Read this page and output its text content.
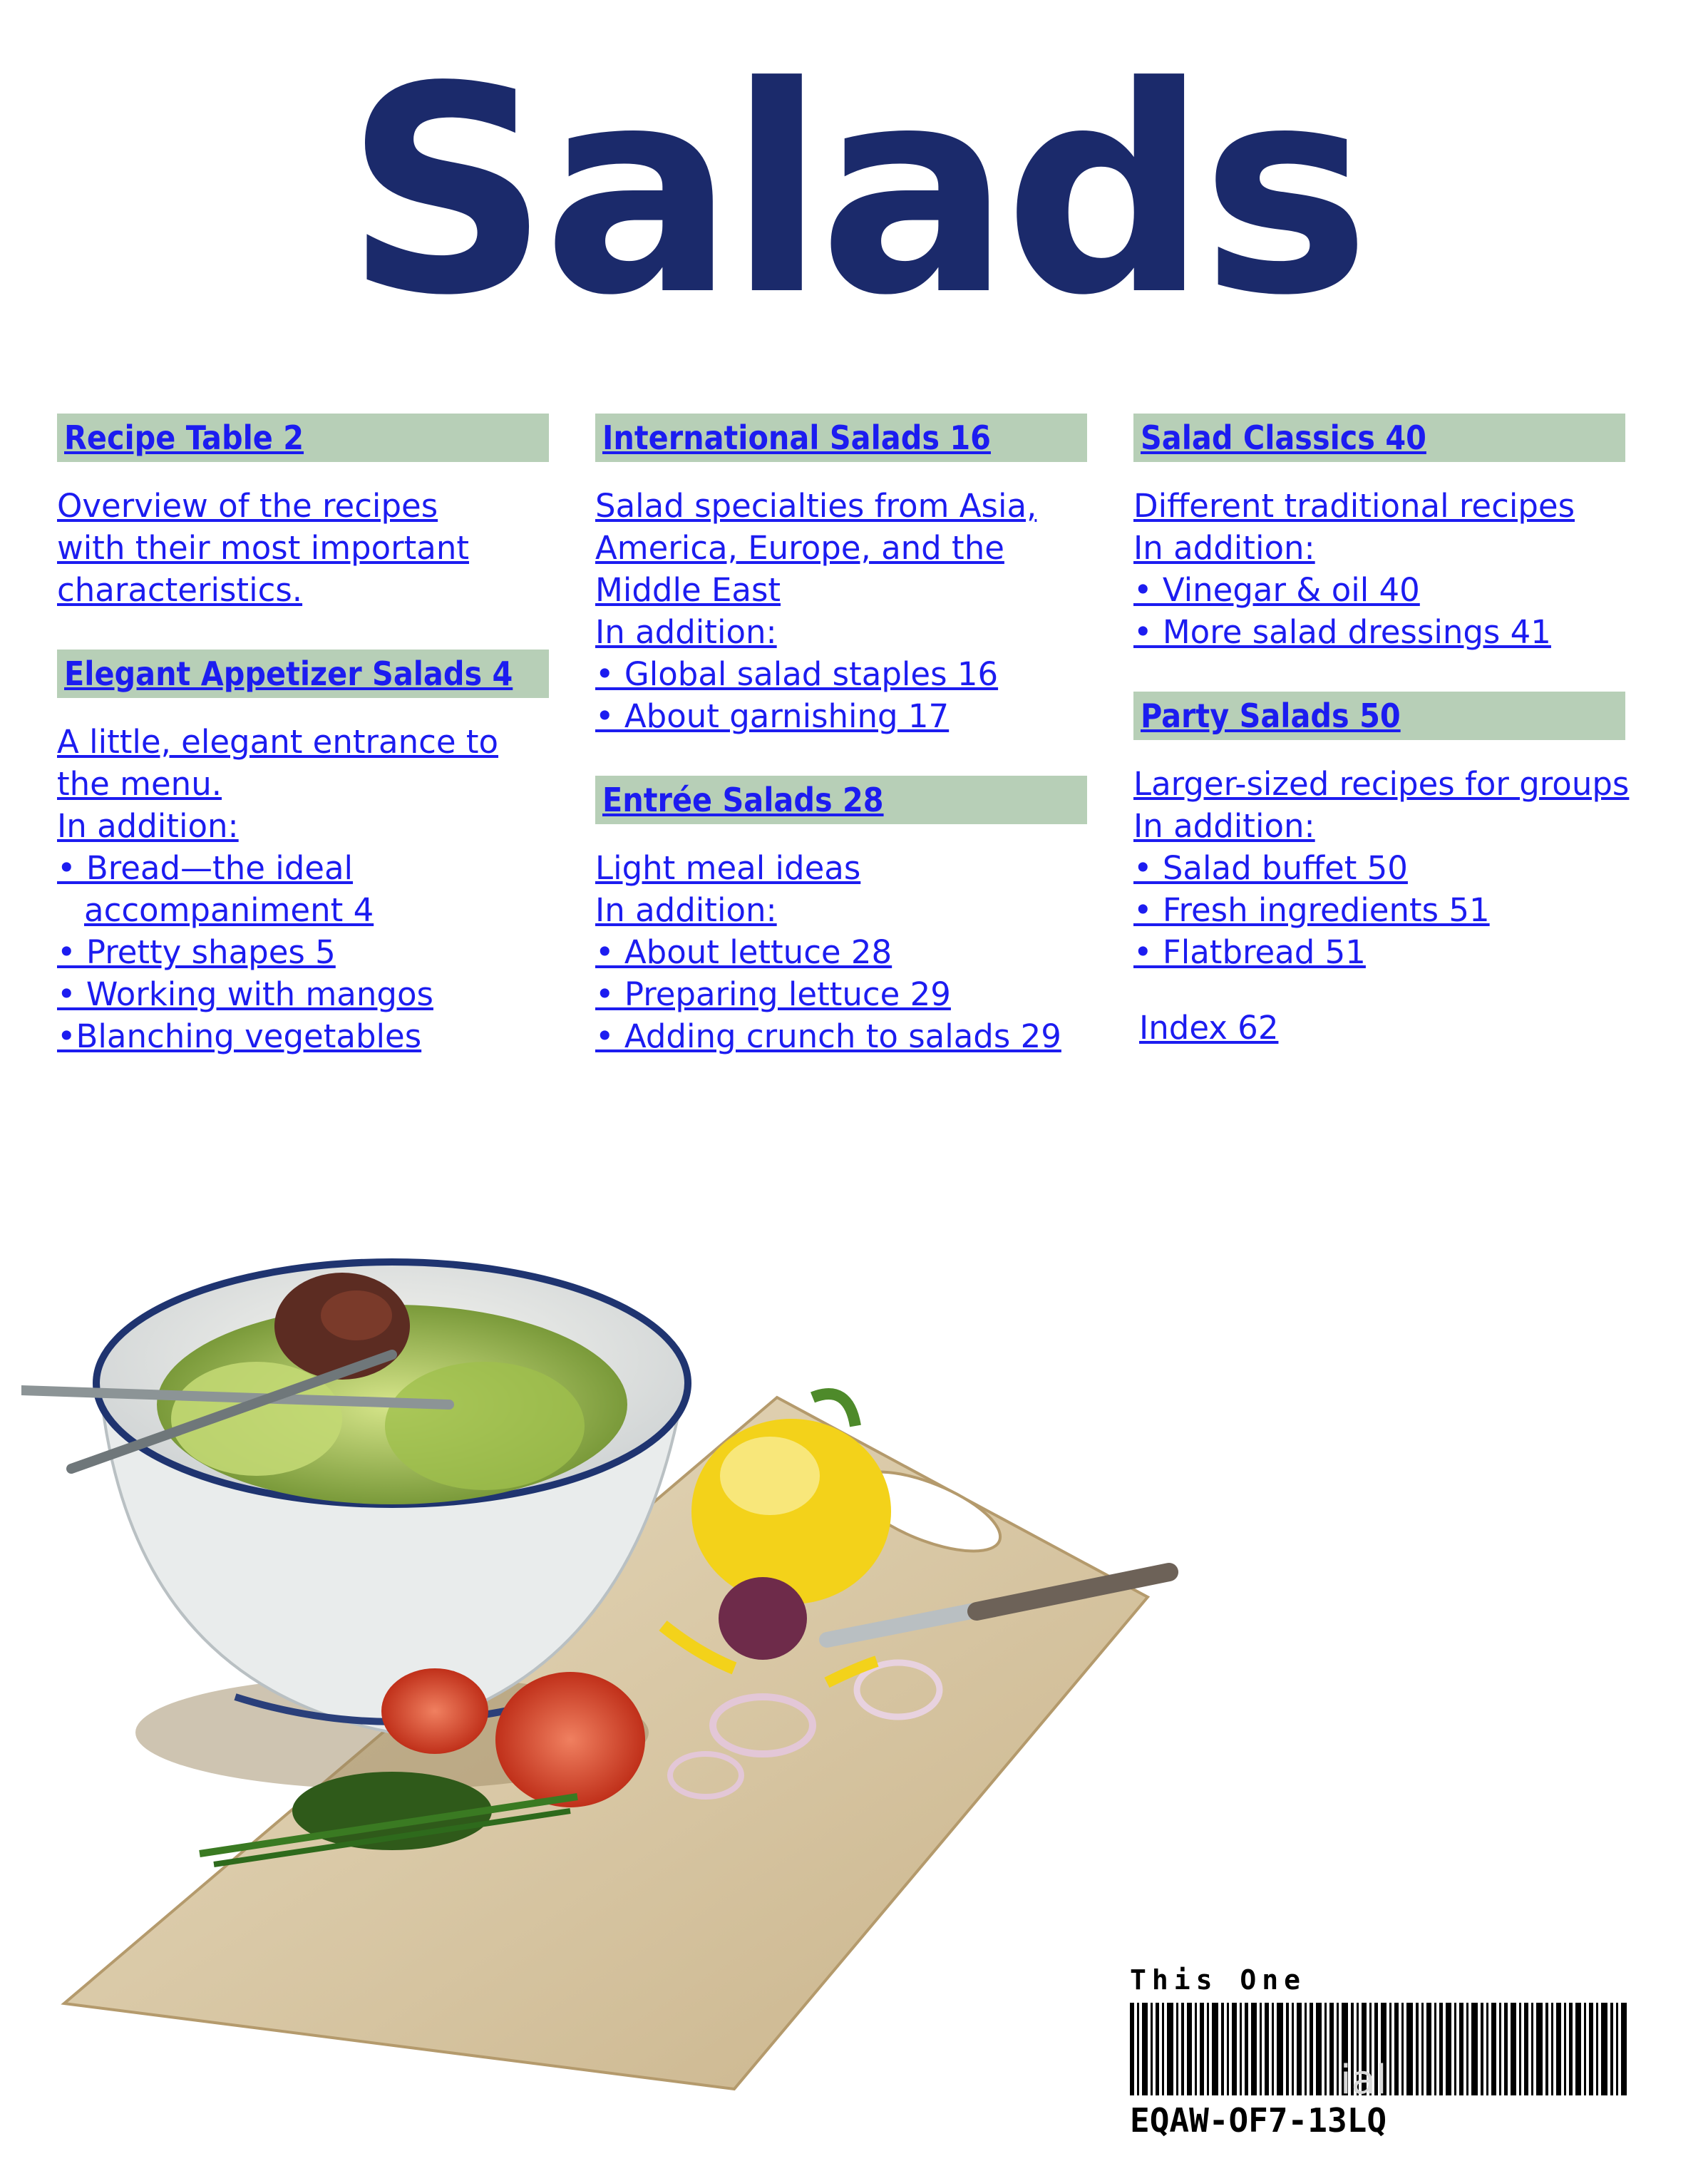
Salads
Recipe Table 2
Overview of the recipes
with their most important
characteristics.
Elegant Appetizer Salads 4
A little, elegant entrance to
the menu.
In addition:
• Bread—the ideal
accompaniment 4
• Pretty shapes 5
• Working with mangos
•Blanching vegetables
International Salads 16
Salad specialties from Asia,
America, Europe, and the
Middle East
In addition:
• Global salad staples 16
• About garnishing 17
Entrée Salads 28
Light meal ideas
In addition:
• About lettuce 28
• Preparing lettuce 29
• Adding crunch to salads 29
Salad Classics 40
Different traditional recipes
In addition:
• Vinegar & oil 40
• More salad dressings 41
Party Salads 50
Larger-sized recipes for groups
In addition:
• Salad buffet 50
• Fresh ingredients 51
• Flatbread 51
Index 62
This One
EQAW-OF7-13LQ
ial
